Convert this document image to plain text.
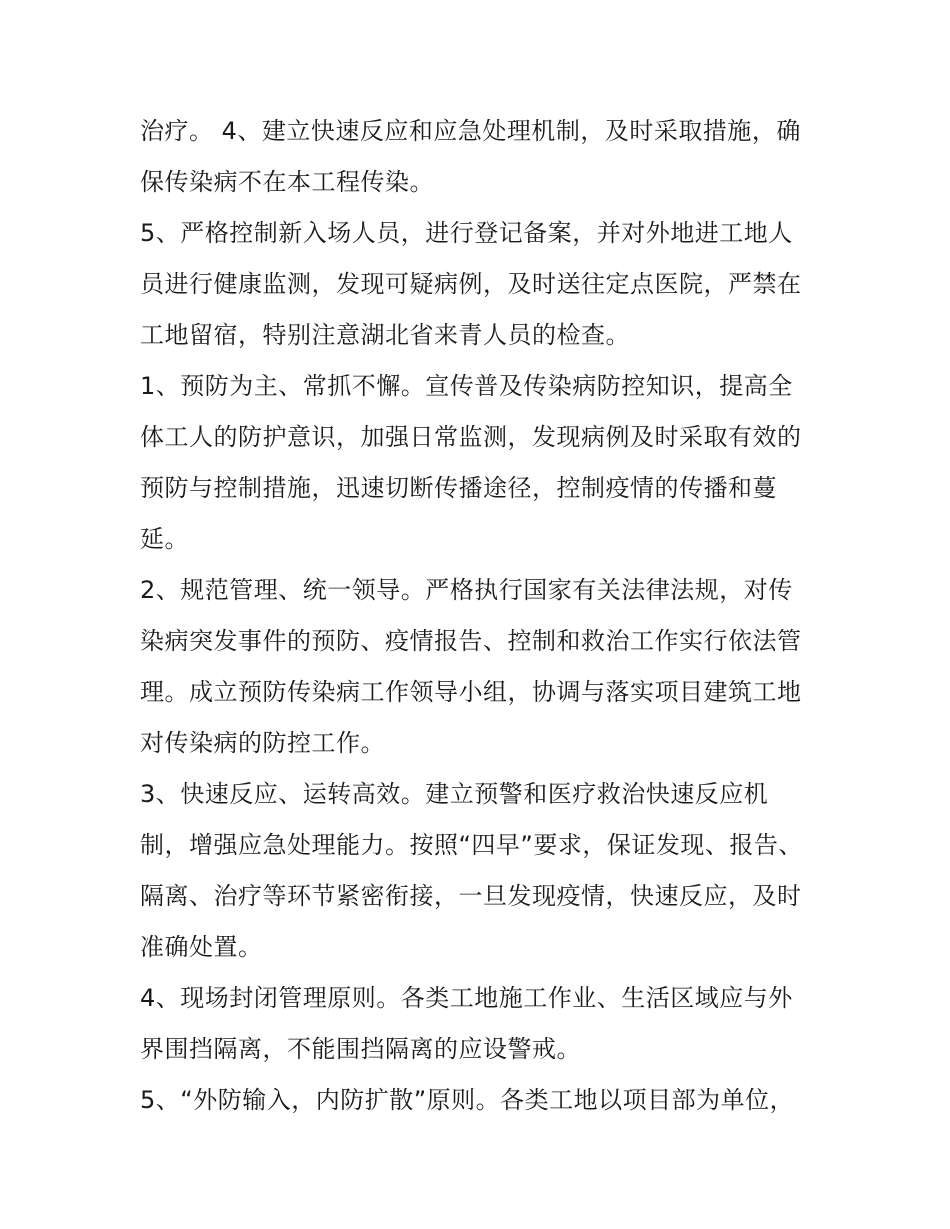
治疗。 4、建立快速反应和应急处理机制，及时采取措施，确
保传染病不在本工程传染。
5、严格控制新入场人员，进行登记备案，并对外地进工地人
员进行健康监测，发现可疑病例，及时送往定点医院，严禁在
工地留宿，特别注意湖北省来青人员的检查。
1、预防为主、常抓不懈。宣传普及传染病防控知识，提高全
体工人的防护意识，加强日常监测，发现病例及时采取有效的
预防与控制措施，迅速切断传播途径，控制疫情的传播和蔓
延。
2、规范管理、统一领导。严格执行国家有关法律法规，对传
染病突发事件的预防、疫情报告、控制和救治工作实行依法管
理。成立预防传染病工作领导小组，协调与落实项目建筑工地
对传染病的防控工作。
3、快速反应、运转高效。建立预警和医疗救治快速反应机
制，增强应急处理能力。按照“四早”要求，保证发现、报告、
隔离、治疗等环节紧密衔接，一旦发现疫情，快速反应，及时
准确处置。
4、现场封闭管理原则。各类工地施工作业、生活区域应与外
界围挡隔离，不能围挡隔离的应设警戒。
5、“外防输入，内防扩散”原则。各类工地以项目部为单位，
